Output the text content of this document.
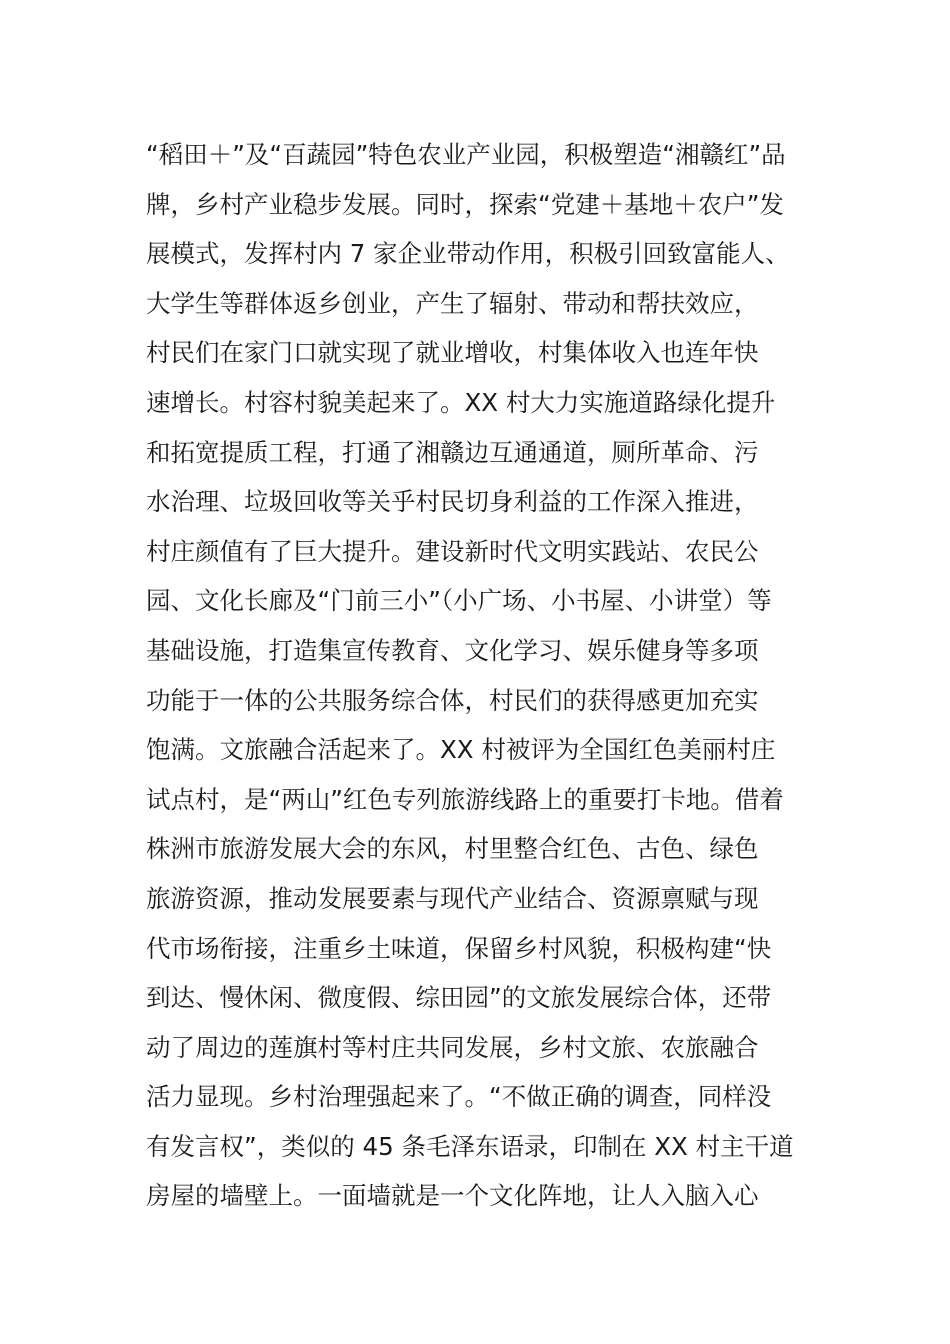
“稻田＋”及“百蔬园”特色农业产业园，积极塑造“湘赣红”品
牌，乡村产业稳步发展。同时，探索“党建＋基地＋农户”发
展模式，发挥村内 7 家企业带动作用，积极引回致富能人、
大学生等群体返乡创业，产生了辐射、带动和帮扶效应，
村民们在家门口就实现了就业增收，村集体收入也连年快
速增长。村容村貌美起来了。XX 村大力实施道路绿化提升
和拓宽提质工程，打通了湘赣边互通通道，厕所革命、污
水治理、垃圾回收等关乎村民切身利益的工作深入推进，
村庄颜值有了巨大提升。建设新时代文明实践站、农民公
园、文化长廊及“门前三小”（小广场、小书屋、小讲堂）等
基础设施，打造集宣传教育、文化学习、娱乐健身等多项
功能于一体的公共服务综合体，村民们的获得感更加充实
饱满。文旅融合活起来了。XX 村被评为全国红色美丽村庄
试点村，是“两山”红色专列旅游线路上的重要打卡地。借着
株洲市旅游发展大会的东风，村里整合红色、古色、绿色
旅游资源，推动发展要素与现代产业结合、资源禀赋与现
代市场衔接，注重乡土味道，保留乡村风貌，积极构建“快
到达、慢休闲、微度假、综田园”的文旅发展综合体，还带
动了周边的莲旗村等村庄共同发展，乡村文旅、农旅融合
活力显现。乡村治理强起来了。“不做正确的调查，同样没
有发言权”，类似的 45 条毛泽东语录，印制在 XX 村主干道
房屋的墙壁上。一面墙就是一个文化阵地，让人入脑入心
